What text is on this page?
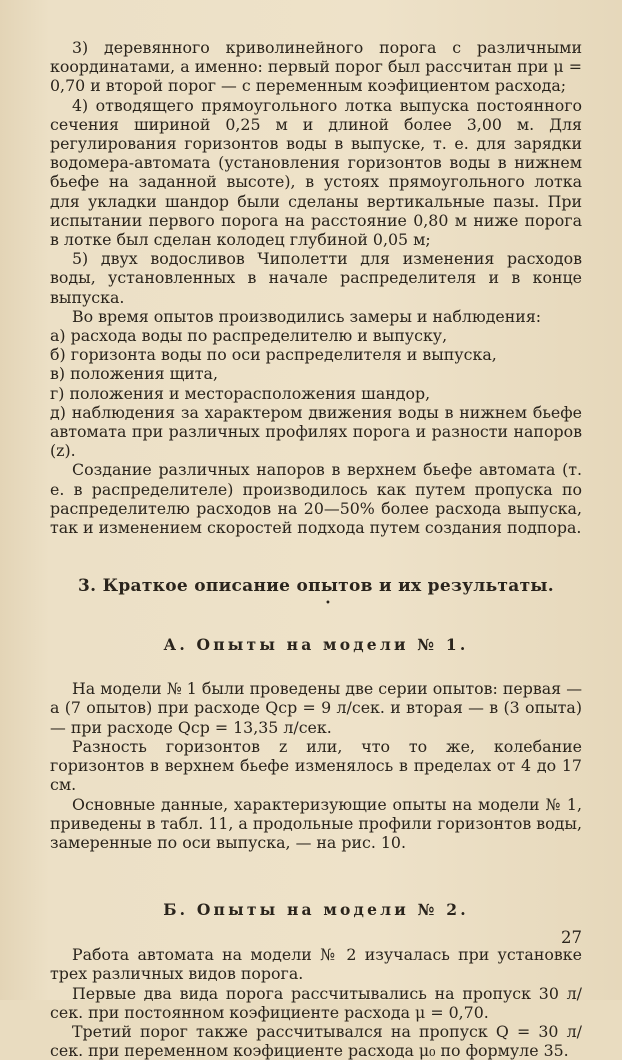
3) деревянного криволинейного порога с различными координатами, а именно: первый порог был рассчитан при μ = 0,70 и второй порог — с переменным коэфициентом расхода;

4) отводящего прямоугольного лотка выпуска постоянного сечения шириной 0,25 м и длиной более 3,00 м. Для регулирования горизонтов воды в выпуске, т. е. для зарядки водомера-автомата (установления горизонтов воды в нижнем бьефе на заданной высоте), в устоях прямоугольного лотка для укладки шандор были сделаны вертикальные пазы. При испытании первого порога на расстояние 0,80 м ниже порога в лотке был сделан колодец глубиной 0,05 м;

5) двух водосливов Чиполетти для изменения расходов воды, установленных в начале распределителя и в конце выпуска.

Во время опытов производились замеры и наблюдения:

а) расхода воды по распределителю и выпуску,

б) горизонта воды по оси распределителя и выпуска,

в) положения щита,

г) положения и месторасположения шандор,

д) наблюдения за характером движения воды в нижнем бьефе автомата при различных профилях порога и разности напоров (z).

Создание различных напоров в верхнем бьефе автомата (т. е. в распределителе) производилось как путем пропуска по распределителю расходов на 20—50% более расхода выпуска, так и изменением скоростей подхода путем создания подпора.

3. Краткое описание опытов и их результаты.
•
А. Опыты на модели № 1.

На модели № 1 были проведены две серии опытов: первая — а (7 опытов) при расходе Qср = 9 л/сек. и вторая — в (3 опыта) — при расходе Qср = 13,35 л/сек.

Разность горизонтов z или, что то же, колебание горизонтов в верхнем бьефе изменялось в пределах от 4 до 17 см.

Основные данные, характеризующие опыты на модели № 1, приведены в табл. 11, а продольные профили горизонтов воды, замеренные по оси выпуска, — на рис. 10.

Б. Опыты на модели № 2.

Работа автомата на модели № 2 изучалась при установке трех различных видов порога.

Первые два вида порога рассчитывались на пропуск 30 л/сек. при постоянном коэфициенте расхода μ = 0,70.

Третий порог также рассчитывался на пропуск Q = 30 л/сек. при переменном коэфициенте расхода μ₀ по формуле 35.

27
